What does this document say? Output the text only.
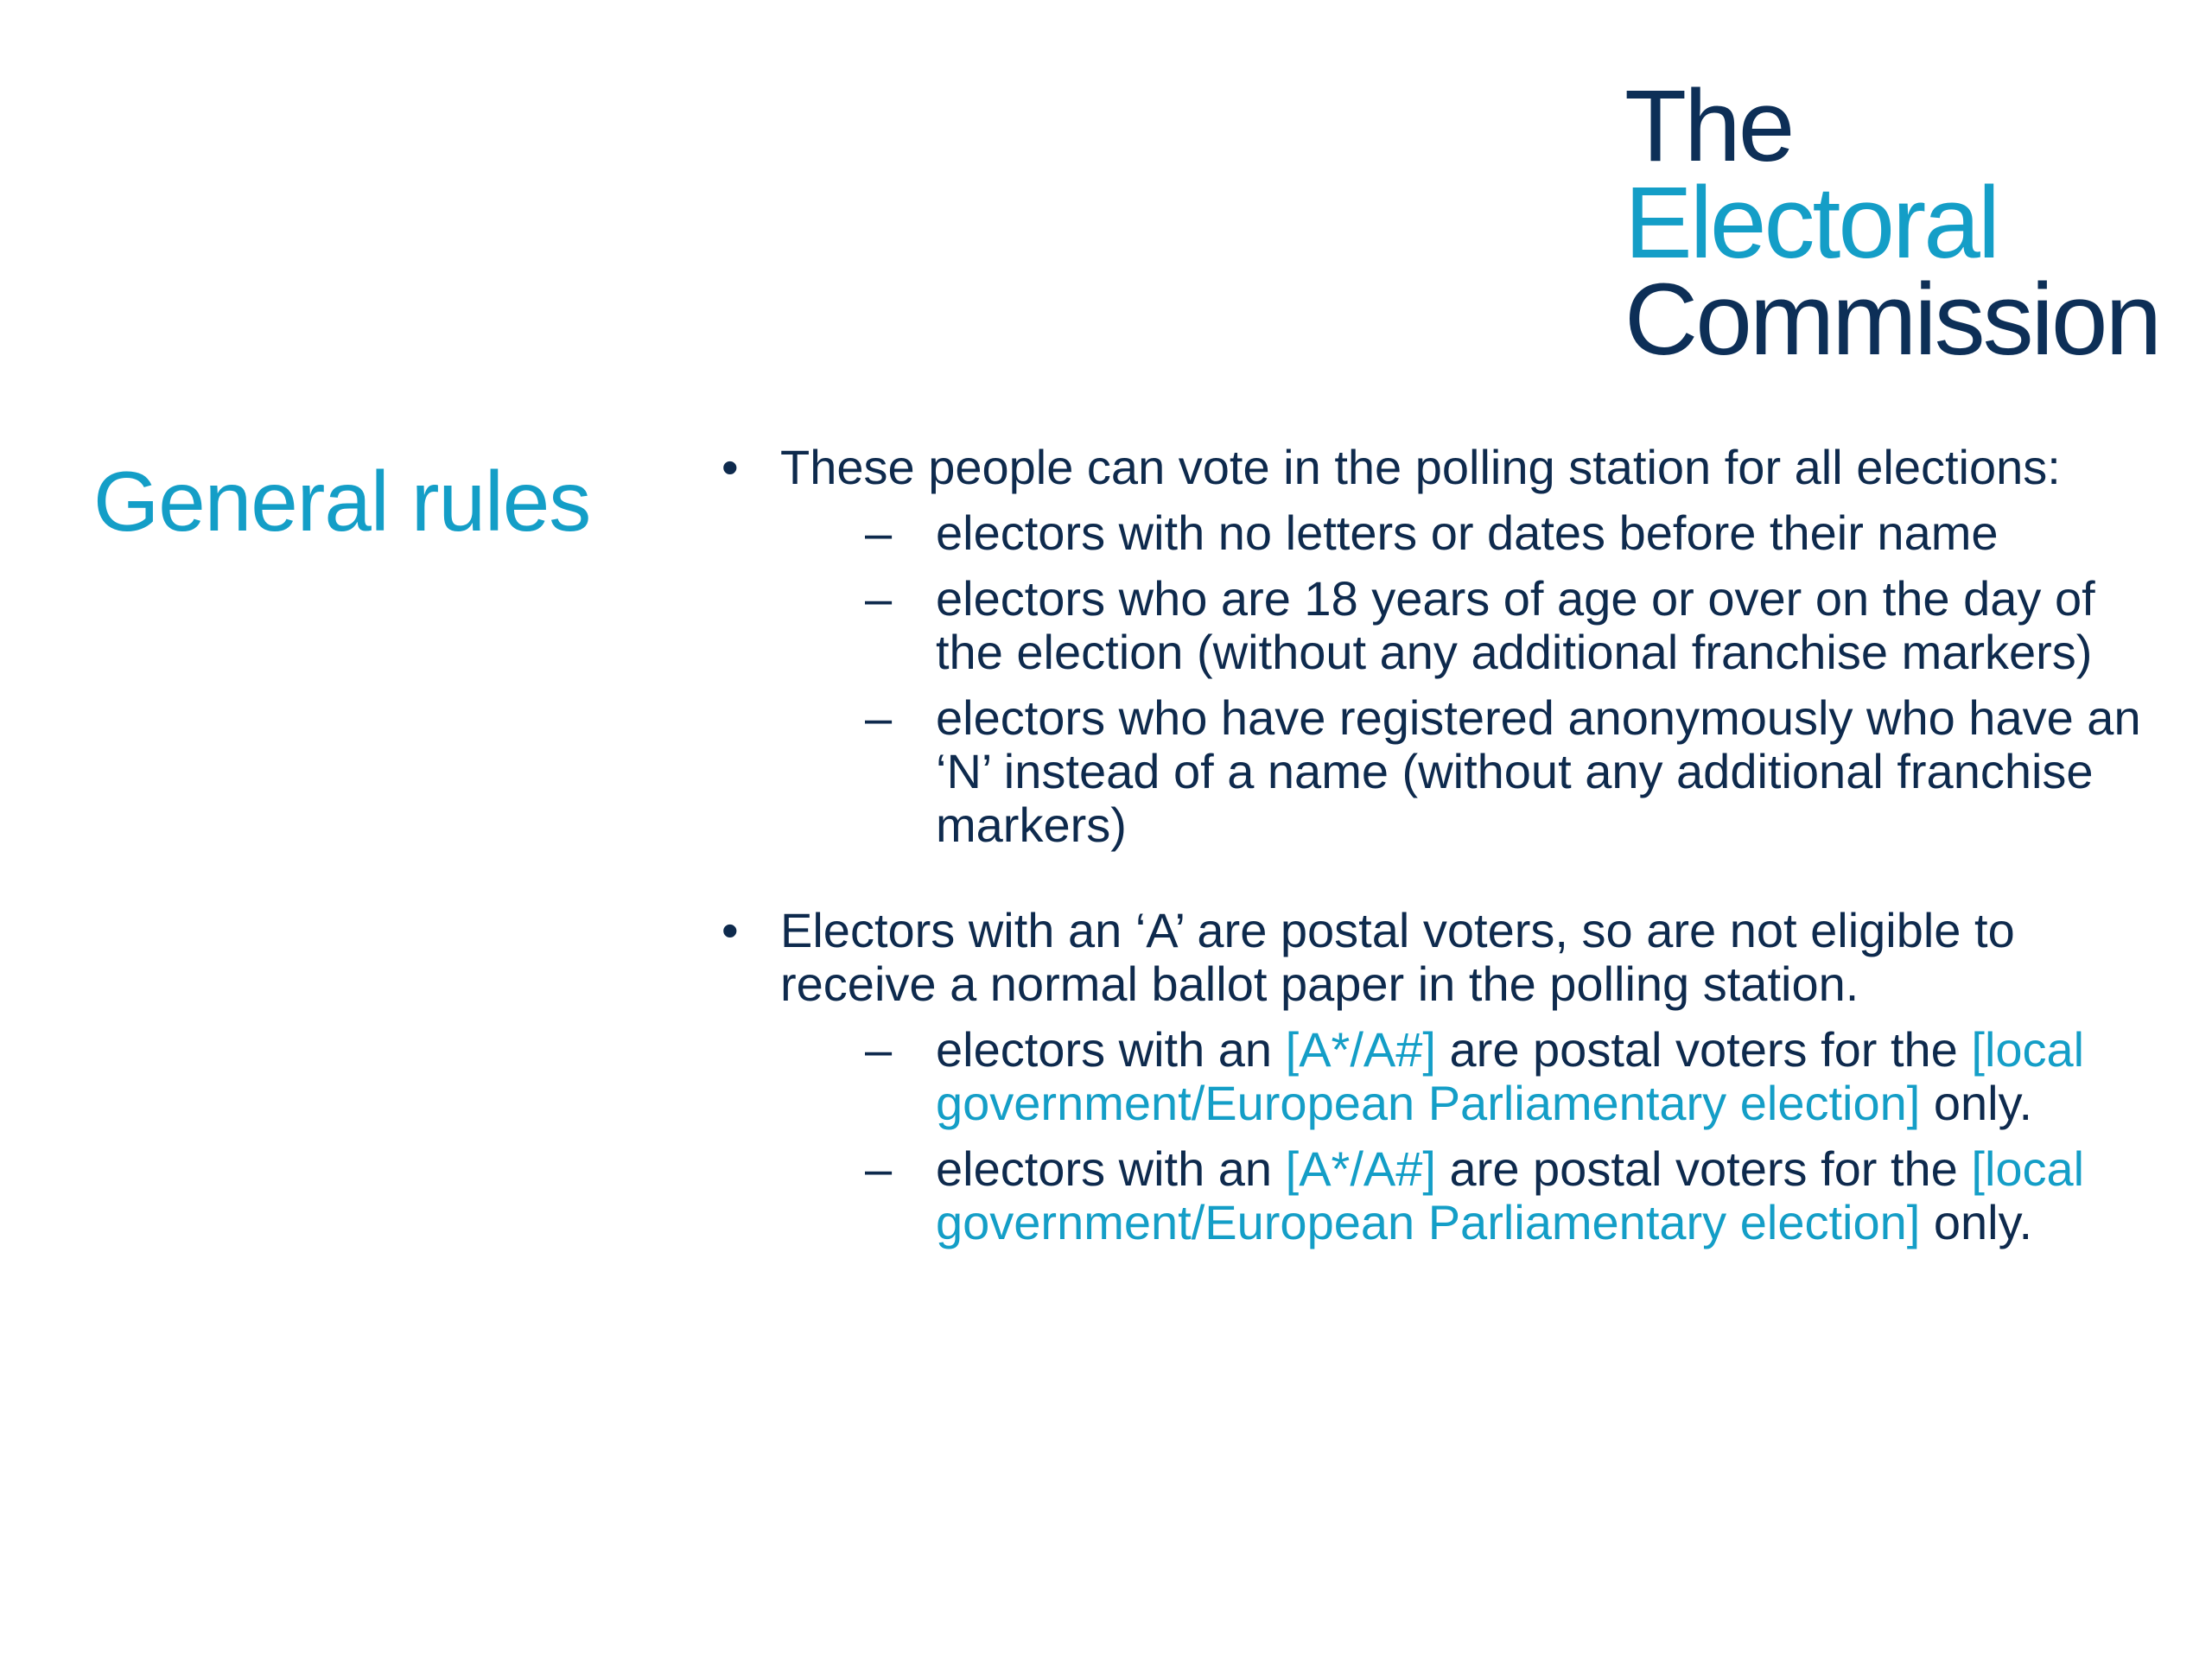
The
Electoral
Commission
General rules	• These people can vote in the polling station for all elections:
– electors with no letters or dates before their name
– electors who are 18 years of age or over on the day of the election (without any additional franchise markers)
– electors who have registered anonymously who have an ‘N’ instead of a name (without any additional franchise markers)
• Electors with an ‘A’ are postal voters, so are not eligible to receive a normal ballot paper in the polling station.
– electors with an [A*/A#] are postal voters for the [local government/European Parliamentary election] only.
– electors with an [A*/A#] are postal voters for the [local government/European Parliamentary election] only.
